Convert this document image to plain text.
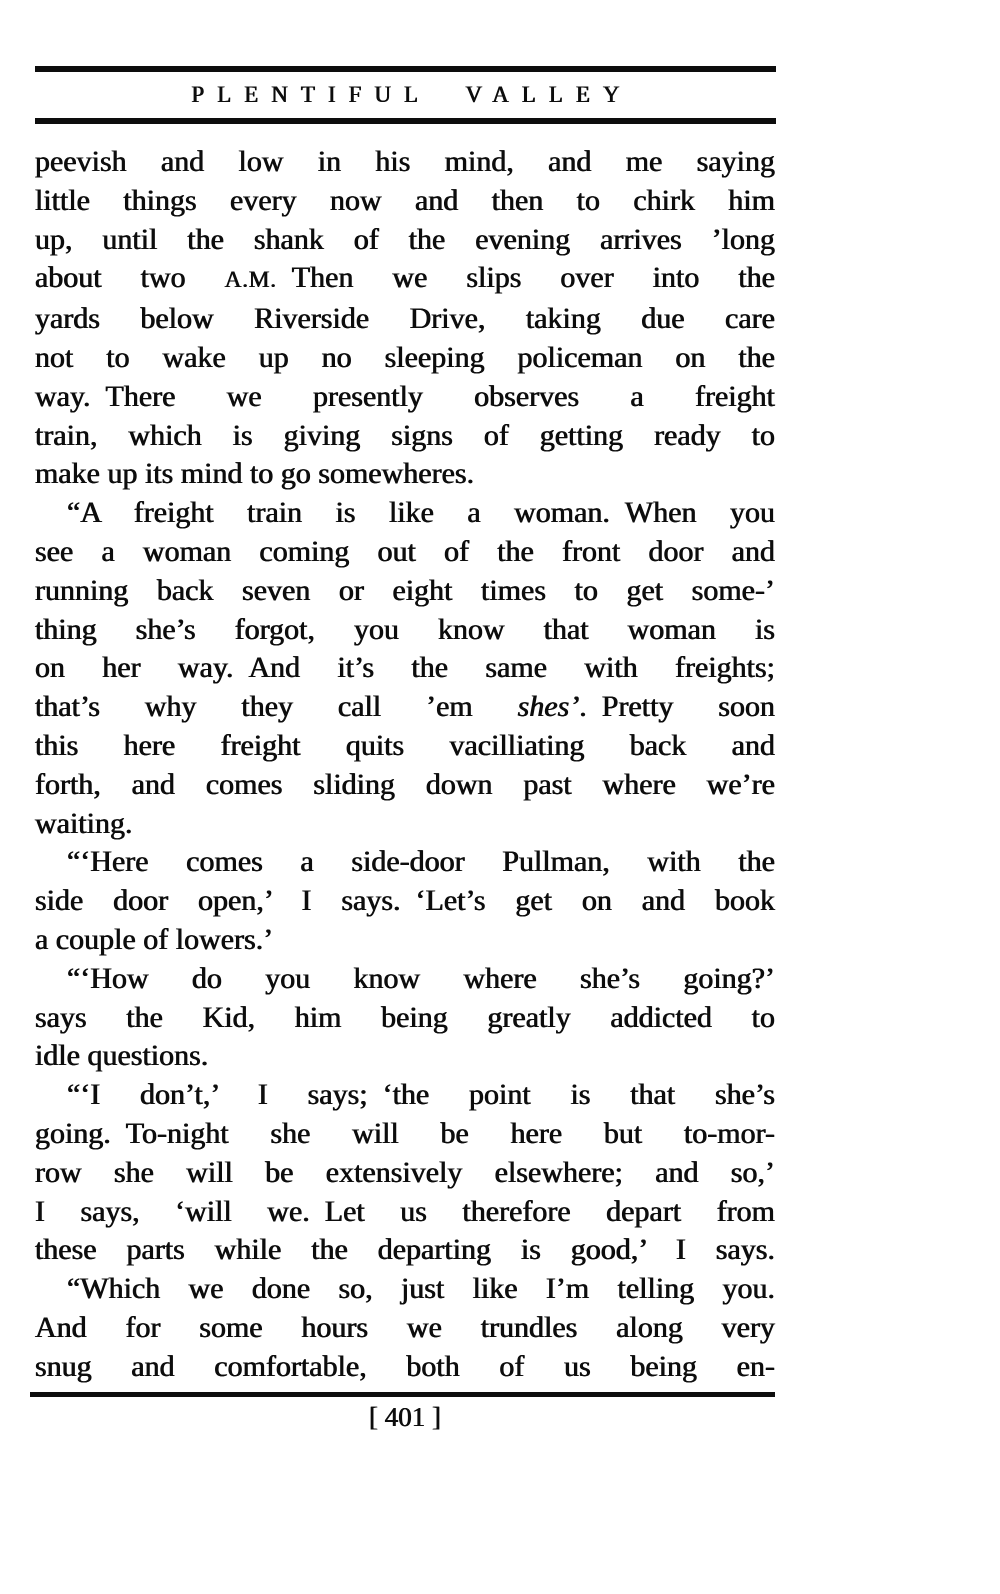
PLENTIFUL VALLEY
peevish and low in his mind, and me saying
little things every now and then to chirk him
up, until the shank of the evening arrives ’long
about two A.M. Then we slips over into the
yards below Riverside Drive, taking due care
not to wake up no sleeping policeman on the
way. There we presently observes a freight
train, which is giving signs of getting ready to
make up its mind to go somewheres.
“A freight train is like a woman. When you
see a woman coming out of the front door and
running back seven or eight times to get some-’
thing she’s forgot, you know that woman is
on her way. And it’s the same with freights;
that’s why they call ’em shes’. Pretty soon
this here freight quits vacilliating back and
forth, and comes sliding down past where we’re
waiting.
“‘Here comes a side-door Pullman, with the
side door open,’ I says. ‘Let’s get on and book
a couple of lowers.’
“‘How do you know where she’s going?’
says the Kid, him being greatly addicted to
idle questions.
“‘I don’t,’ I says; ‘the point is that she’s
going. To-night she will be here but to-mor-
row she will be extensively elsewhere; and so,’
I says, ‘will we. Let us therefore depart from
these parts while the departing is good,’ I says.
“Which we done so, just like I’m telling you.
And for some hours we trundles along very
snug and comfortable, both of us being en-
[ 401 ]
